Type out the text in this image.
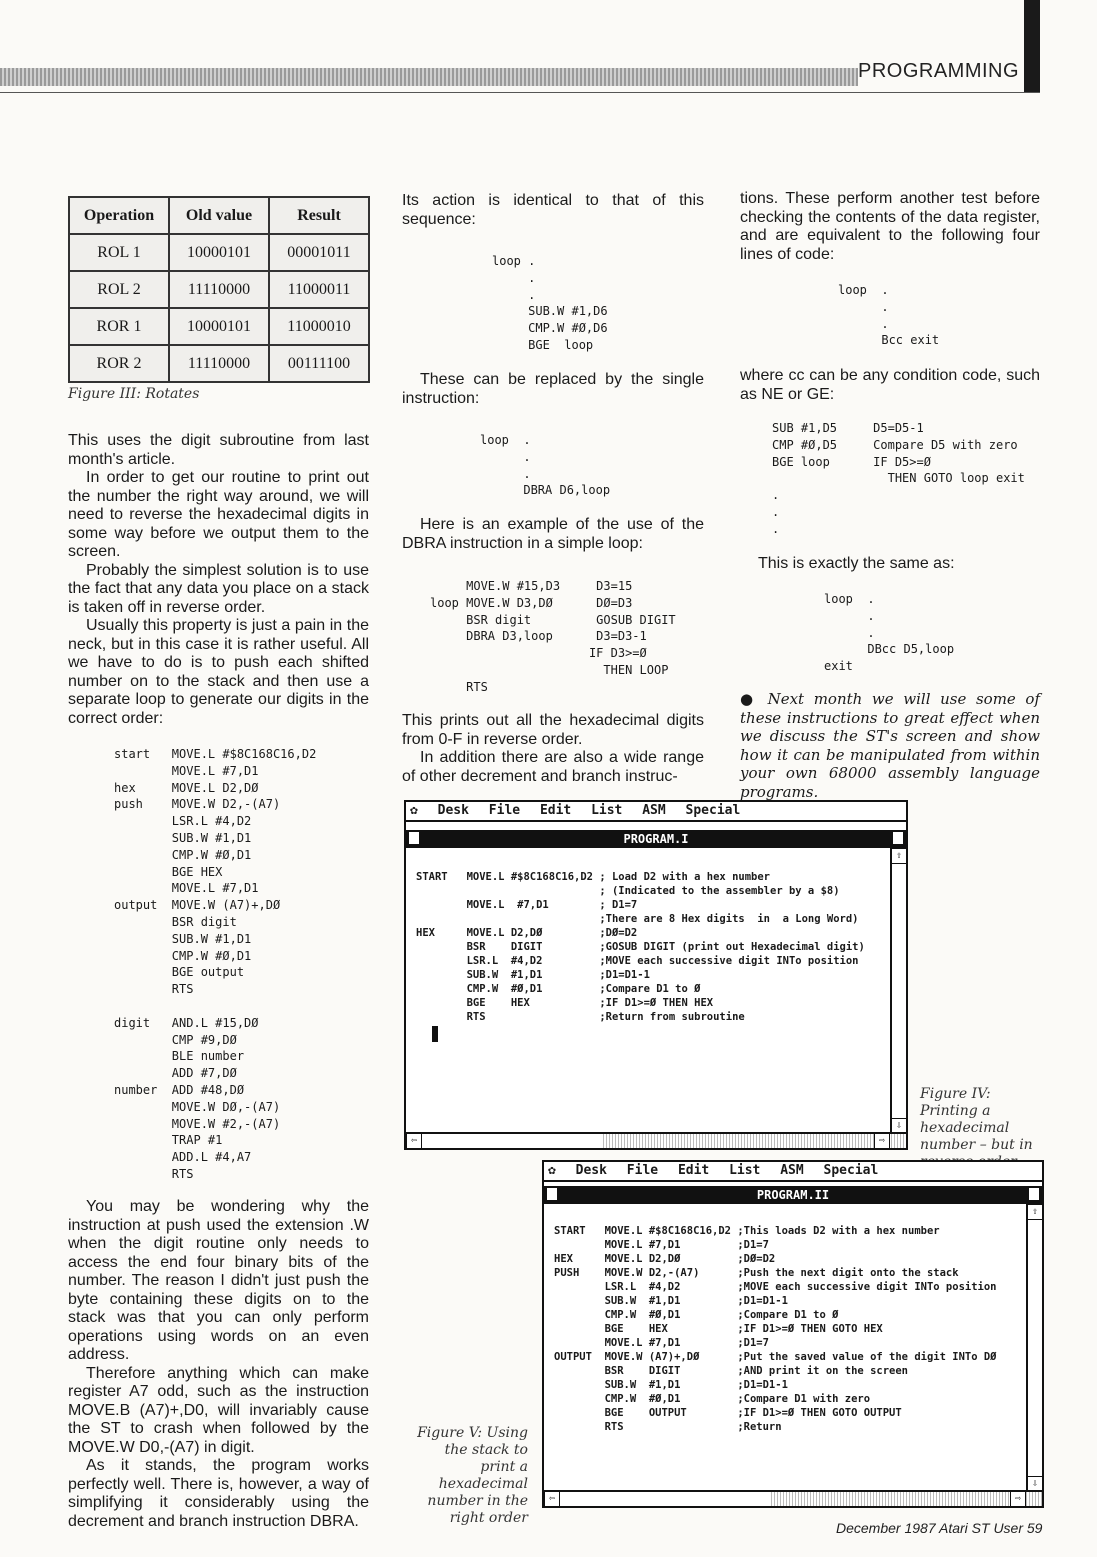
PROGRAMMING
Operation	Old value	Result
ROL 1	10000101	00001011
ROL 2	11110000	11000011
ROR 1	10000101	11000010
ROR 2	11110000	00111100
Figure III: Rotates

This uses the digit subroutine from last month's article.

In order to get our routine to print out the number the right way around, we will need to reverse the hexadecimal digits in some way before we output them to the screen.

Probably the simplest solution is to use the fact that any data you place on a stack is taken off in reverse order.

Usually this property is just a pain in the neck, but in this case it is rather useful. All we have to do is to push each shifted number on to the stack and then use a separate loop to generate our digits in the correct order:

start   MOVE.L #$8C168C16,D2
MOVE.L #7,D1
hex     MOVE.L D2,DØ
push    MOVE.W D2,-(A7)
LSR.L #4,D2
SUB.W #1,D1
CMP.W #Ø,D1
BGE HEX
MOVE.L #7,D1
output  MOVE.W (A7)+,DØ
BSR digit
SUB.W #1,D1
CMP.W #Ø,D1
BGE output
RTS

digit   AND.L #15,DØ
CMP #9,DØ
BLE number
ADD #7,DØ
number  ADD #48,DØ
MOVE.W DØ,-(A7)
MOVE.W #2,-(A7)
TRAP #1
ADD.L #4,A7
RTS

You may be wondering why the instruction at push used the extension .W when the digit routine only needs to access the end four binary bits of the number. The reason I didn't just push the byte containing these digits on to the stack was that you can only perform operations using words on an even address.

Therefore anything which can make register A7 odd, such as the instruction MOVE.B (A7)+,D0, will invariably cause the ST to crash when followed by the MOVE.W D0,-(A7) in digit.

As it stands, the program works perfectly well. There is, however, a way of simplifying it considerably using the decrement and branch instruction DBRA.

Its action is identical to that of this sequence:

loop .
.
.
SUB.W #1,D6
CMP.W #Ø,D6
BGE  loop

These can be replaced by the single instruction:

loop  .
.
.
DBRA D6,loop

Here is an example of the use of the DBRA instruction in a simple loop:

MOVE.W #15,D3     D3=15
loop MOVE.W D3,DØ      DØ=D3
BSR digit         GOSUB DIGIT
DBRA D3,loop      D3=D3-1
IF D3>=Ø
THEN LOOP
RTS

This prints out all the hexadecimal digits from 0-F in reverse order.

In addition there are also a wide range of other decrement and branch instruc-

tions. These perform another test before checking the contents of the data register, and are equivalent to the following four lines of code:

loop  .
.
.
Bcc exit

where cc can be any condition code, such as NE or GE:

SUB #1,D5     D5=D5-1
CMP #Ø,D5     Compare D5 with zero
BGE loop      IF D5>=Ø
THEN GOTO loop exit
.
.
.

This is exactly the same as:

loop  .
.
.
DBcc D5,loop
exit

● Next month we will use some of these instructions to great effect when we discuss the ST's screen and show how it can be manipulated from within your own 68000 assembly language programs.

✿ Desk File Edit List ASM Special
PROGRAM.I
START   MOVE.L #$8C168C16,D2 ; Load D2 with a hex number
; (Indicated to the assembler by a $8)
MOVE.L  #7,D1        ; D1=7
;There are 8 Hex digits  in  a Long Word)
HEX     MOVE.L D2,DØ         ;DØ=D2
BSR    DIGIT         ;GOSUB DIGIT (print out Hexadecimal digit)
LSR.L  #4,D2         ;MOVE each successive digit INTo position
SUB.W  #1,D1         ;D1=D1-1
CMP.W  #Ø,D1         ;Compare D1 to Ø
BGE    HEX           ;IF D1>=Ø THEN HEX
RTS                  ;Return from subroutine
⇧
⇩
⇦	⇨
Figure IV: Printing a hexadecimal number – but in
✿ Desk File Edit List ASM Special
PROGRAM.II
START   MOVE.L #$8C168C16,D2 ;This loads D2 with a hex number
MOVE.L #7,D1         ;D1=7
HEX     MOVE.L D2,DØ         ;DØ=D2
PUSH    MOVE.W D2,-(A7)      ;Push the next digit onto the stack
LSR.L  #4,D2         ;MOVE each successive digit INTo position
SUB.W  #1,D1         ;D1=D1-1
CMP.W  #Ø,D1         ;Compare D1 to Ø
BGE    HEX           ;IF D1>=Ø THEN GOTO HEX
MOVE.L #7,D1         ;D1=7
OUTPUT  MOVE.W (A7)+,DØ      ;Put the saved value of the digit INTo DØ
BSR    DIGIT         ;AND print it on the screen
SUB.W  #1,D1         ;D1=D1-1
CMP.W  #Ø,D1         ;Compare D1 with zero
BGE    OUTPUT        ;IF D1>=Ø THEN GOTO OUTPUT
RTS                  ;Return
⇧
⇩
⇦	⇨
Figure V: Using the stack to print a hexadecimal number in the right order
December 1987 Atari ST User 59
